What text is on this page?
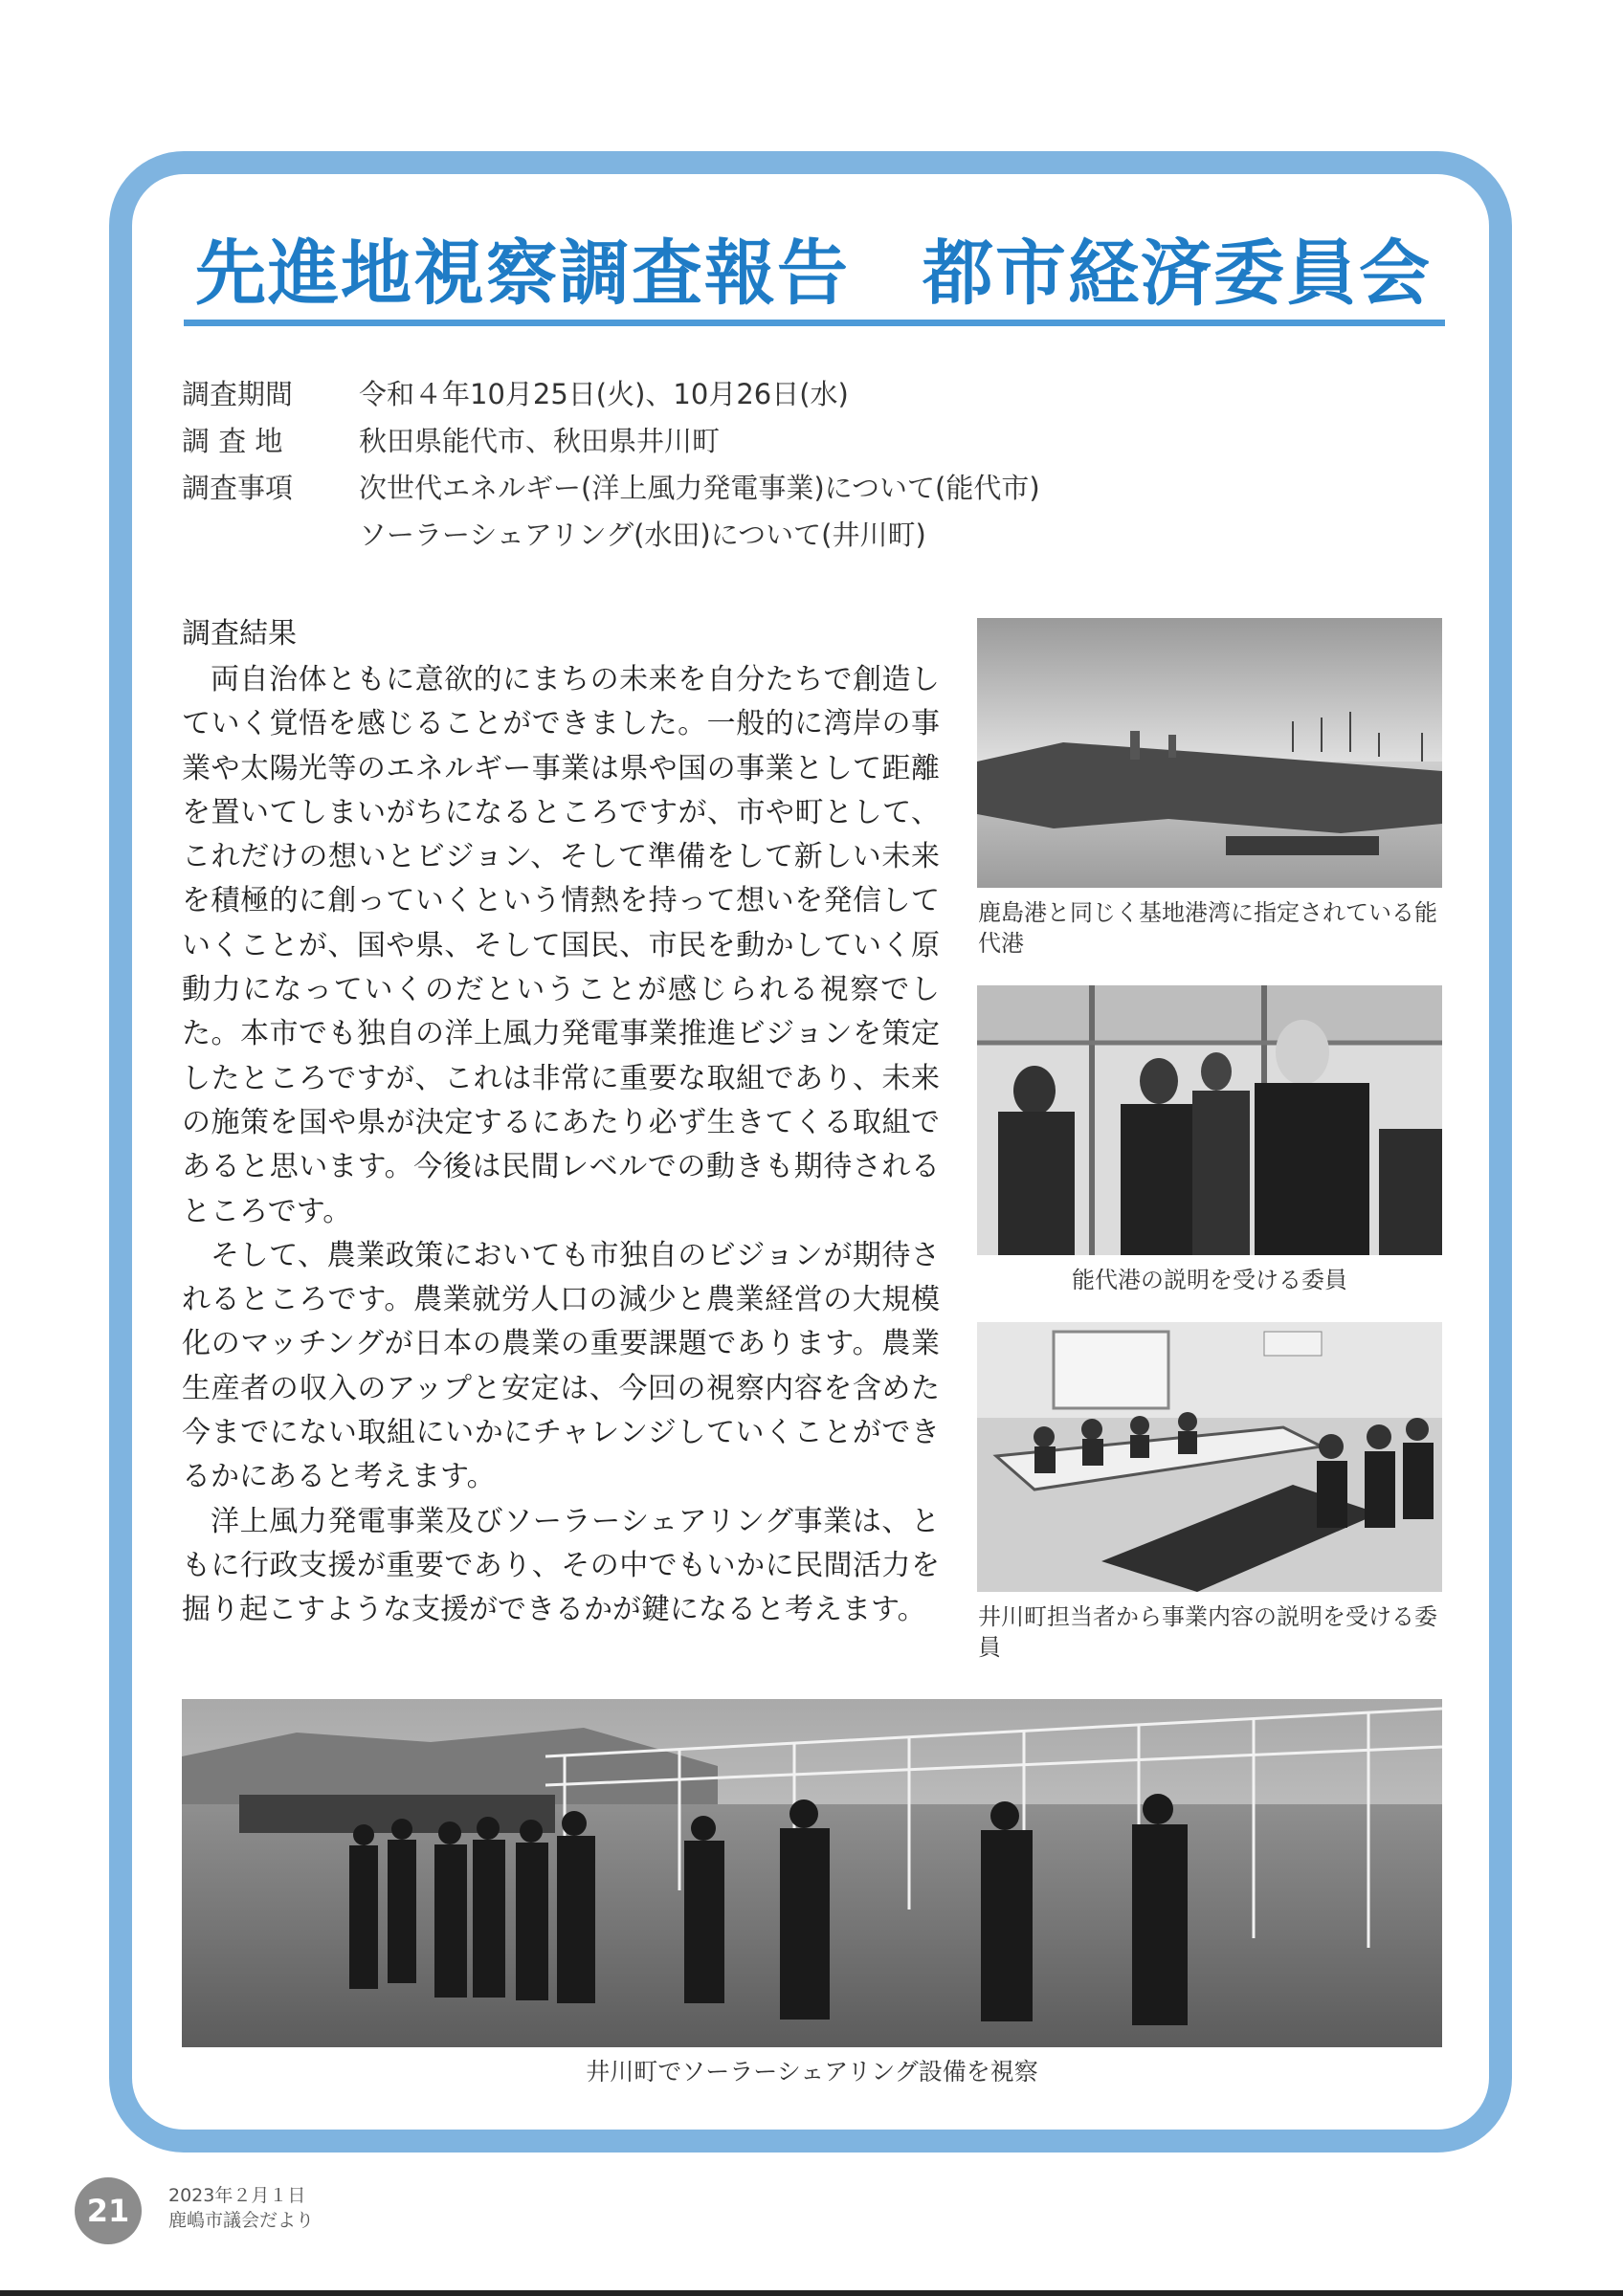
先進地視察調査報告　都市経済委員会
調査期間	令和４年10月25日(火)、10月26日(水)
調 査 地	秋田県能代市、秋田県井川町
調査事項	次世代エネルギー(洋上風力発電事業)について(能代市)
ソーラーシェアリング(水田)について(井川町)
調査結果

両自治体ともに意欲的にまちの未来を自分たちで創造していく覚悟を感じることができました。一般的に湾岸の事業や太陽光等のエネルギー事業は県や国の事業として距離を置いてしまいがちになるところですが、市や町として、これだけの想いとビジョン、そして準備をして新しい未来を積極的に創っていくという情熱を持って想いを発信していくことが、国や県、そして国民、市民を動かしていく原動力になっていくのだということが感じられる視察でした。本市でも独自の洋上風力発電事業推進ビジョンを策定したところですが、これは非常に重要な取組であり、未来の施策を国や県が決定するにあたり必ず生きてくる取組であると思います。今後は民間レベルでの動きも期待されるところです。

そして、農業政策においても市独自のビジョンが期待されるところです。農業就労人口の減少と農業経営の大規模化のマッチングが日本の農業の重要課題であります。農業生産者の収入のアップと安定は、今回の視察内容を含めた今までにない取組にいかにチャレンジしていくことができるかにあると考えます。

洋上風力発電事業及びソーラーシェアリング事業は、ともに行政支援が重要であり、その中でもいかに民間活力を掘り起こすような支援ができるかが鍵になると考えます。

鹿島港と同じく基地港湾に指定されている能代港
能代港の説明を受ける委員
井川町担当者から事業内容の説明を受ける委員
井川町でソーラーシェアリング設備を視察
21	2023年２月１日
鹿嶋市議会だより
